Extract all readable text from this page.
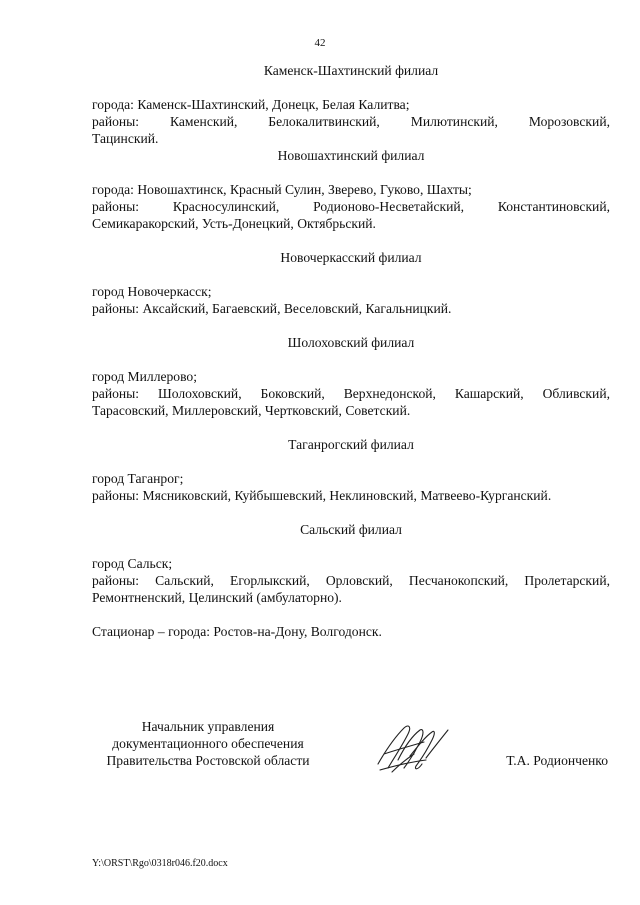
42

Каменск-Шахтинский филиал

города: Каменск-Шахтинский, Донецк, Белая Калитва;

районы: Каменский, Белокалитвинский, Милютинский, Морозовский,

Тацинский.

Новошахтинский филиал

города: Новошахтинск, Красный Сулин, Зверево, Гуково, Шахты;

районы: Красносулинский, Родионово-Несветайский, Константиновский,

Семикаракорский, Усть-Донецкий, Октябрьский.

Новочеркасский филиал

город Новочеркасск;

районы: Аксайский, Багаевский, Веселовский, Кагальницкий.

Шолоховский филиал

город Миллерово;

районы: Шолоховский, Боковский, Верхнедонской, Кашарский, Обливский,

Тарасовский, Миллеровский, Чертковский, Советский.

Таганрогский филиал

город Таганрог;

районы: Мясниковский, Куйбышевский, Неклиновский, Матвеево-Курганский.

Сальский филиал

город Сальск;

районы: Сальский, Егорлыкский, Орловский, Песчанокопский, Пролетарский,

Ремонтненский, Целинский (амбулаторно).

Стационар – города: Ростов-на-Дону, Волгодонск.

Начальник управления
документационного обеспечения
Правительства Ростовской области	Т.А. Родионченко
Y:\ORST\Rgo\0318r046.f20.docx
